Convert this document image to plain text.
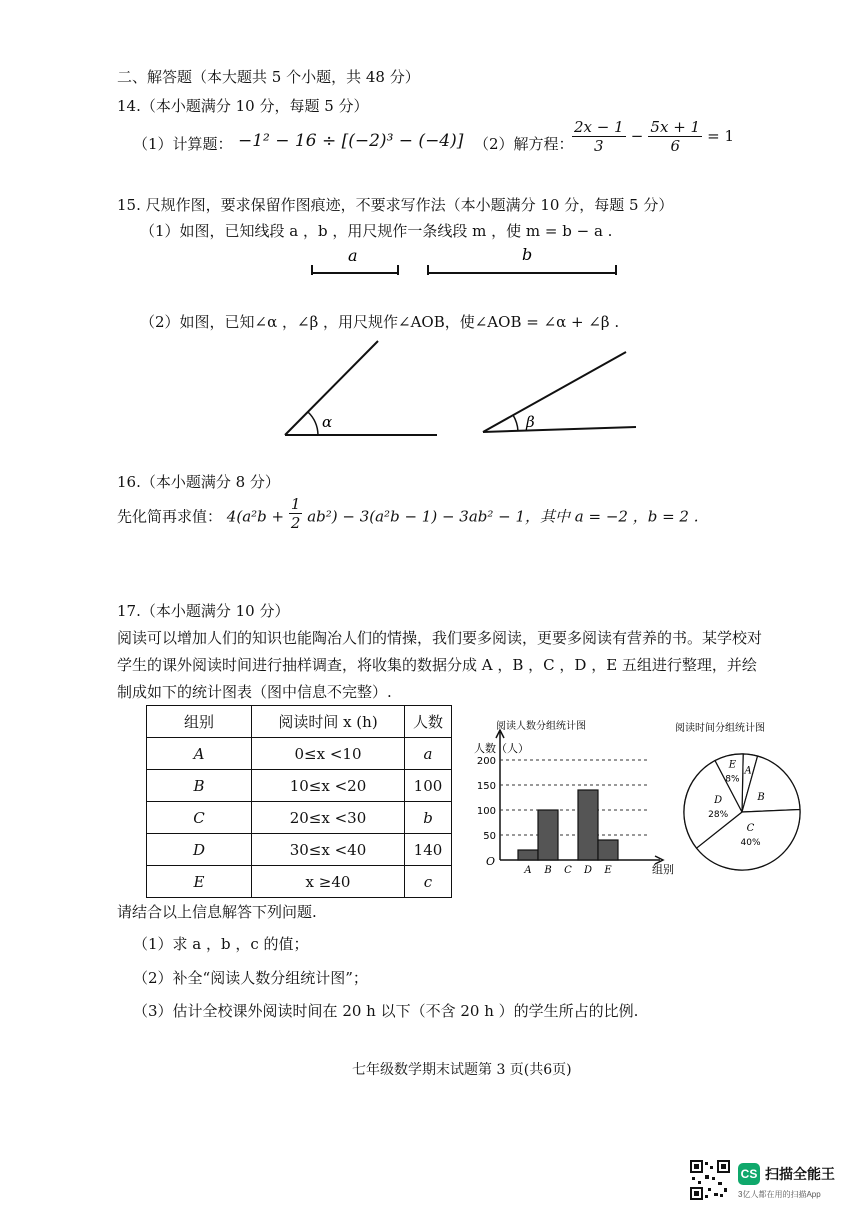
二、解答题（本大题共 5 个小题，共 48 分）
14.（本小题满分 10 分，每题 5 分）
（1）计算题： −1² − 16 ÷ [(−2)³ − (−4)] （2）解方程：
$\frac{2x - 1}{3} - \frac{5x + 1}{6} = 1$
15. 尺规作图，要求保留作图痕迹，不要求写作法（本小题满分 10 分，每题 5 分）
（1）如图，已知线段 a ，b ，用尺规作一条线段 m ，使 m = b − a .
a	b
（2）如图，已知∠α ，∠β ，用尺规作∠AOB，使∠AOB = ∠α + ∠β .
α	β
16.（本小题满分 8 分）
先化简再求值： $4(a^2b + \frac{1}{2} ab^2) - 3(a^2b - 1) - 3ab^2 - 1$，其中 a = −2 ，b = 2 .
17.（本小题满分 10 分）
阅读可以增加人们的知识也能陶冶人们的情操，我们要多阅读，更要多阅读有营养的书。某学校对
学生的课外阅读时间进行抽样调查，将收集的数据分成 A ，B ，C ，D ，E 五组进行整理，并绘
制成如下的统计图表（图中信息不完整）.
组别	阅读时间 x (h)	人数
A	0≤x <10	a
B	10≤x <20	100
C	20≤x <30	b
D	30≤x <40	140
E	x ≥40	c
阅读人数分组统计图
人数（人）
组别
O
50
100
150
200
A B C D E
阅读时间分组统计图
A
B
C
40%
D
28%
E
8%
请结合以上信息解答下列问题.
（1）求 a ，b ，c 的值；
（2）补全“阅读人数分组统计图”；
（3）估计全校课外阅读时间在 20 h 以下（不含 20 h ）的学生所占的比例.
七年级数学期末试题第 3 页(共6页)
CS 扫描全能王
3亿人都在用的扫描App
